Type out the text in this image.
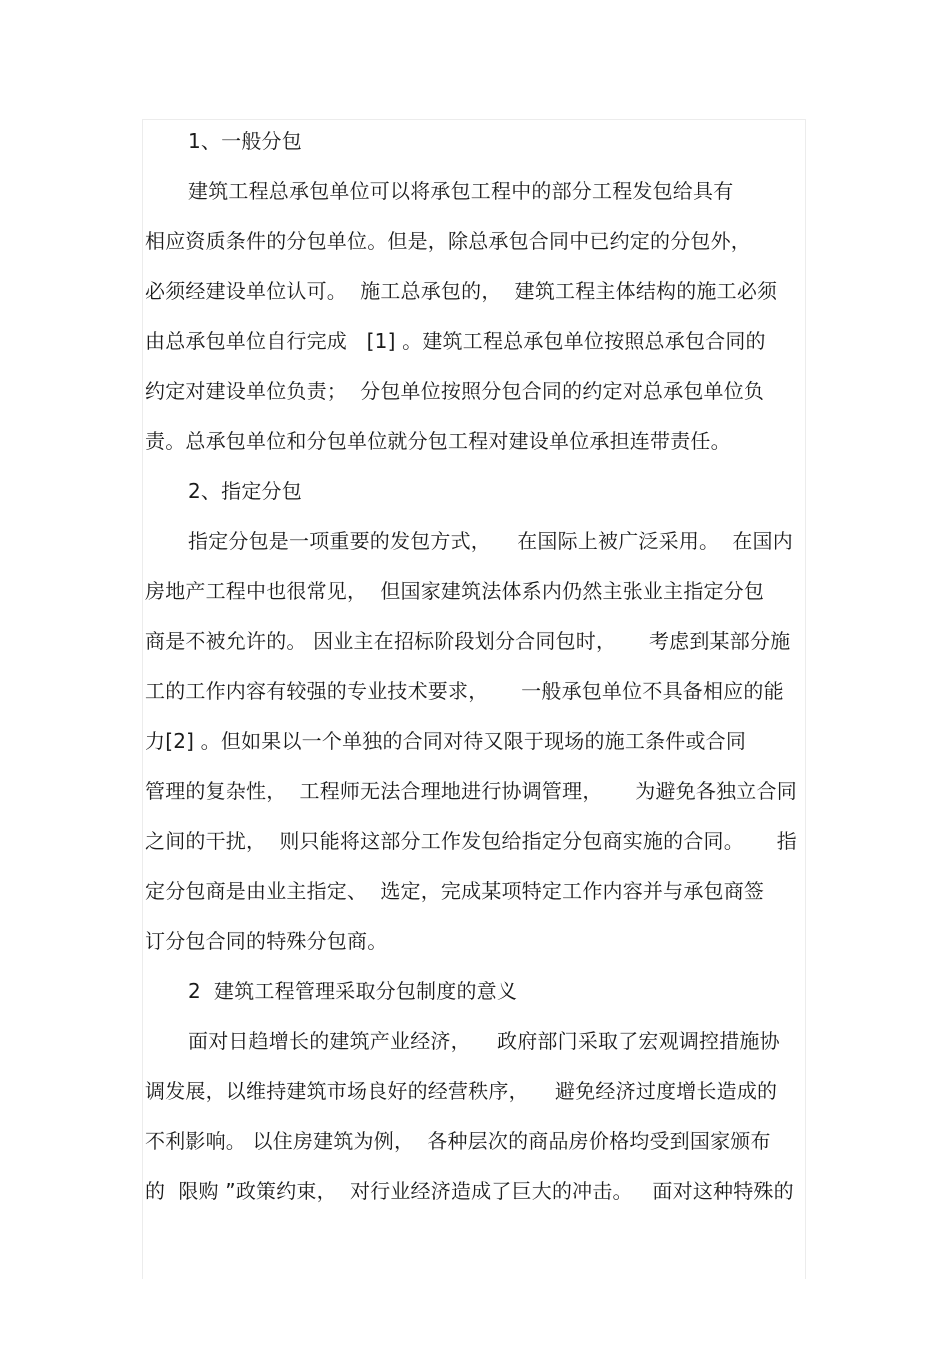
1、一般分包
建筑工程总承包单位可以将承包工程中的部分工程发包给具有
相应资质条件的分包单位。但是，除总承包合同中已约定的分包外，
必须经建设单位认可。  施工总承包的，  建筑工程主体结构的施工必须
由总承包单位自行完成   [1] 。建筑工程总承包单位按照总承包合同的
约定对建设单位负责；  分包单位按照分包合同的约定对总承包单位负
责。总承包单位和分包单位就分包工程对建设单位承担连带责任。
2、指定分包
指定分包是一项重要的发包方式，    在国际上被广泛采用。  在国内
房地产工程中也很常见，  但国家建筑法体系内仍然主张业主指定分包
商是不被允许的。 因业主在招标阶段划分合同包时，     考虑到某部分施
工的工作内容有较强的专业技术要求，     一般承包单位不具备相应的能
力[2] 。但如果以一个单独的合同对待又限于现场的施工条件或合同
管理的复杂性，  工程师无法合理地进行协调管理，     为避免各独立合同
之间的干扰，  则只能将这部分工作发包给指定分包商实施的合同。     指
定分包商是由业主指定、  选定，完成某项特定工作内容并与承包商签
订分包合同的特殊分包商。
2  建筑工程管理采取分包制度的意义
面对日趋增长的建筑产业经济，    政府部门采取了宏观调控措施协
调发展，以维持建筑市场良好的经营秩序，    避免经济过度增长造成的
不利影响。 以住房建筑为例，  各种层次的商品房价格均受到国家颁布
的  限购 ”政策约束，  对行业经济造成了巨大的冲击。   面对这种特殊的
